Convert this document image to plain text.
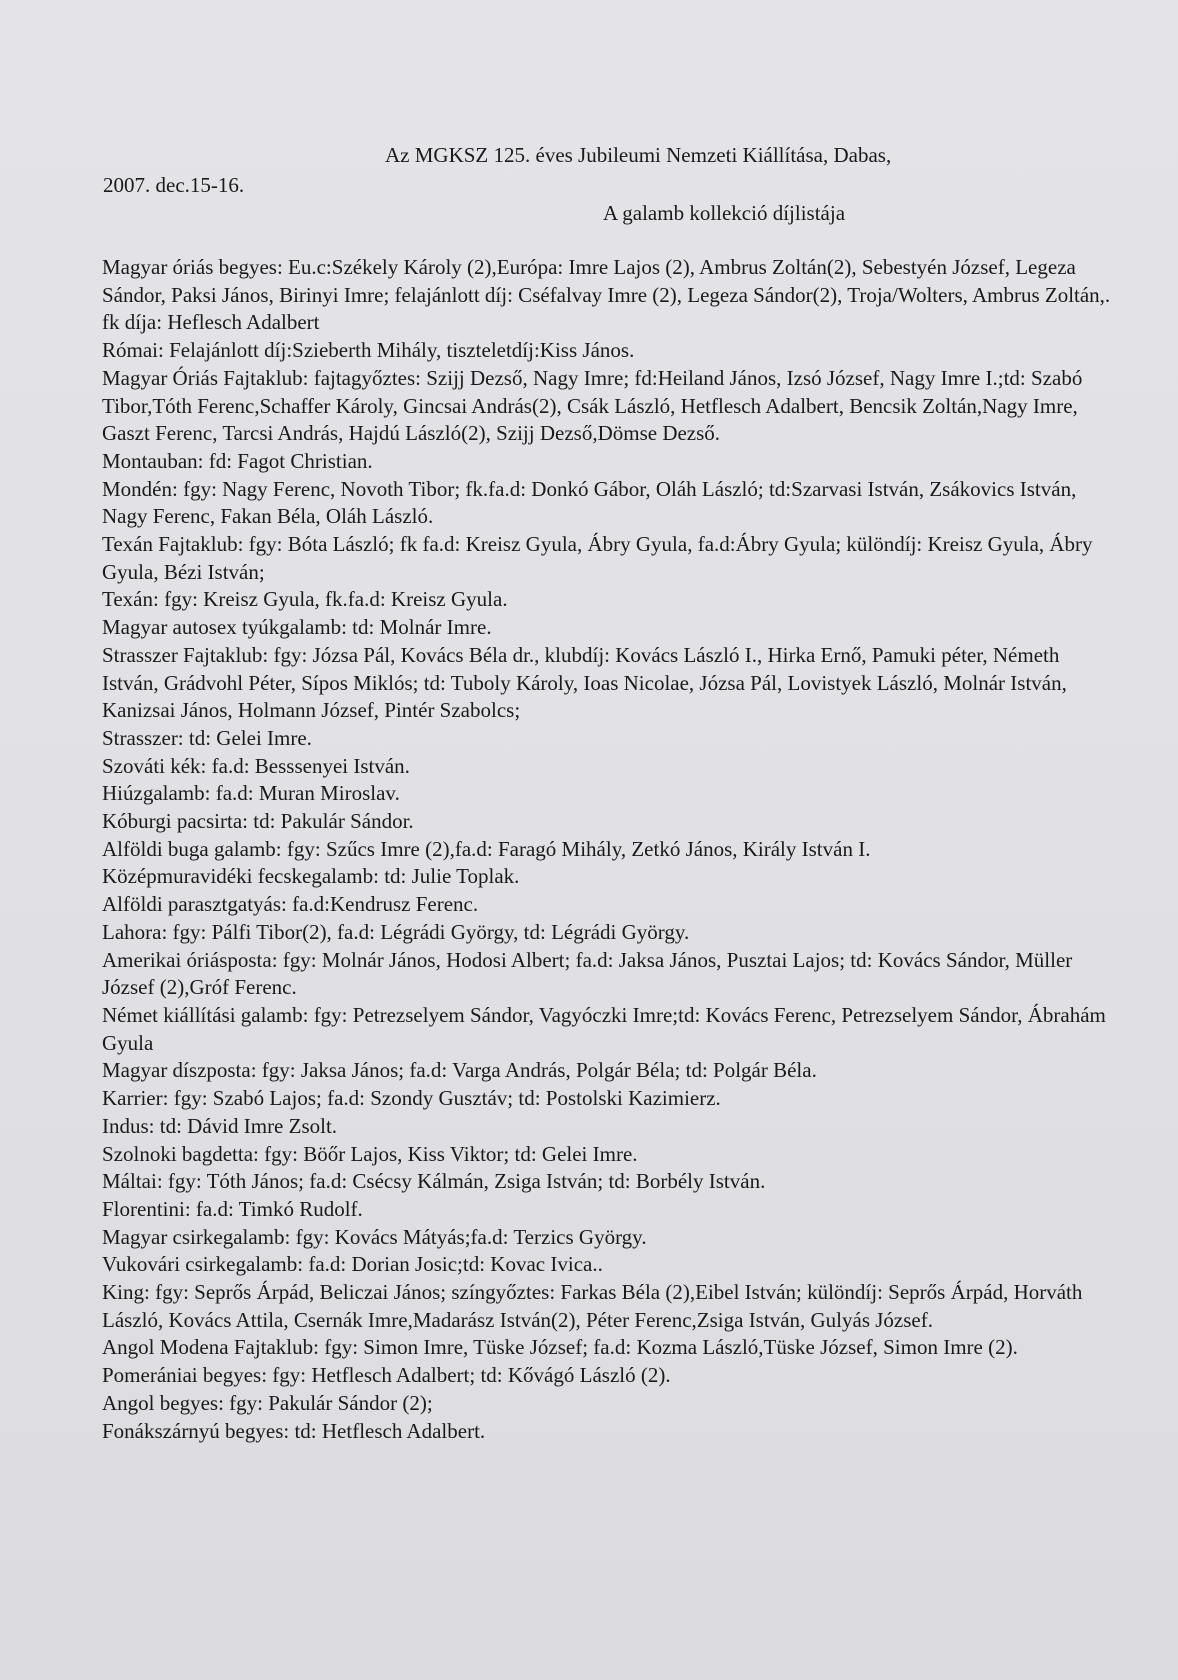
Az MGKSZ 125. éves Jubileumi Nemzeti Kiállítása, Dabas,
2007. dec.15-16.
A galamb kollekció díjlistája

Magyar óriás begyes: Eu.c:Székely Károly (2),Európa: Imre Lajos (2), Ambrus Zoltán(2), Sebestyén József, Legeza Sándor, Paksi János, Birinyi Imre; felajánlott díj: Cséfalvay Imre (2), Legeza Sándor(2), Troja/Wolters, Ambrus Zoltán,. fk díja: Heflesch Adalbert

Római: Felajánlott díj:Szieberth Mihály, tiszteletdíj:Kiss János.

Magyar Óriás Fajtaklub: fajtagyőztes: Szijj Dezső, Nagy Imre; fd:Heiland János, Izsó József, Nagy Imre I.;td: Szabó Tibor,Tóth Ferenc,Schaffer Károly, Gincsai András(2), Csák László, Hetflesch Adalbert, Bencsik Zoltán,Nagy Imre, Gaszt Ferenc, Tarcsi András, Hajdú László(2), Szijj Dezső,Dömse Dezső.

Montauban: fd: Fagot Christian.

Mondén: fgy: Nagy Ferenc, Novoth Tibor; fk.fa.d: Donkó Gábor, Oláh László; td:Szarvasi István, Zsákovics István, Nagy Ferenc, Fakan Béla, Oláh László.

Texán Fajtaklub: fgy: Bóta László; fk fa.d: Kreisz Gyula, Ábry Gyula, fa.d:Ábry Gyula; különdíj: Kreisz Gyula, Ábry Gyula, Bézi István;

Texán: fgy: Kreisz Gyula, fk.fa.d: Kreisz Gyula.

Magyar autosex tyúkgalamb: td: Molnár Imre.

Strasszer Fajtaklub: fgy: Józsa Pál, Kovács Béla dr., klubdíj: Kovács László I., Hirka Ernő, Pamuki péter, Németh István, Grádvohl Péter, Sípos Miklós; td: Tuboly Károly, Ioas Nicolae, Józsa Pál, Lovistyek László, Molnár István, Kanizsai János, Holmann József, Pintér Szabolcs;

Strasszer: td: Gelei Imre.

Szováti kék: fa.d: Besssenyei István.

Hiúzgalamb: fa.d: Muran Miroslav.

Kóburgi pacsirta: td: Pakulár Sándor.

Alföldi buga galamb: fgy: Szűcs Imre (2),fa.d: Faragó Mihály, Zetkó János, Király István I.

Középmuravidéki fecskegalamb: td: Julie Toplak.

Alföldi parasztgatyás: fa.d:Kendrusz Ferenc.

Lahora: fgy: Pálfi Tibor(2), fa.d: Légrádi György, td: Légrádi György.

Amerikai óriásposta: fgy: Molnár János, Hodosi Albert; fa.d: Jaksa János, Pusztai Lajos; td: Kovács Sándor, Müller József (2),Gróf Ferenc.

Német kiállítási galamb: fgy: Petrezselyem Sándor, Vagyóczki Imre;td: Kovács Ferenc, Petrezselyem Sándor, Ábrahám Gyula

Magyar díszposta: fgy: Jaksa János; fa.d: Varga András, Polgár Béla; td: Polgár Béla.

Karrier: fgy: Szabó Lajos; fa.d: Szondy Gusztáv; td: Postolski Kazimierz.

Indus: td: Dávid Imre Zsolt.

Szolnoki bagdetta: fgy: Böőr Lajos, Kiss Viktor; td: Gelei Imre.

Máltai: fgy: Tóth János; fa.d: Csécsy Kálmán, Zsiga István; td: Borbély István.

Florentini: fa.d: Timkó Rudolf.

Magyar csirkegalamb: fgy: Kovács Mátyás;fa.d: Terzics György.

Vukovári csirkegalamb: fa.d: Dorian Josic;td: Kovac Ivica..

King: fgy: Seprős Árpád, Beliczai János; színgyőztes: Farkas Béla (2),Eibel István; különdíj: Seprős Árpád, Horváth László, Kovács Attila, Csernák Imre,Madarász István(2), Péter Ferenc,Zsiga István, Gulyás József.

Angol Modena Fajtaklub: fgy: Simon Imre, Tüske József; fa.d: Kozma László,Tüske József, Simon Imre (2).

Pomerániai begyes: fgy: Hetflesch Adalbert; td: Kővágó László (2).

Angol begyes: fgy: Pakulár Sándor (2);

Fonákszárnyú begyes: td: Hetflesch Adalbert.
